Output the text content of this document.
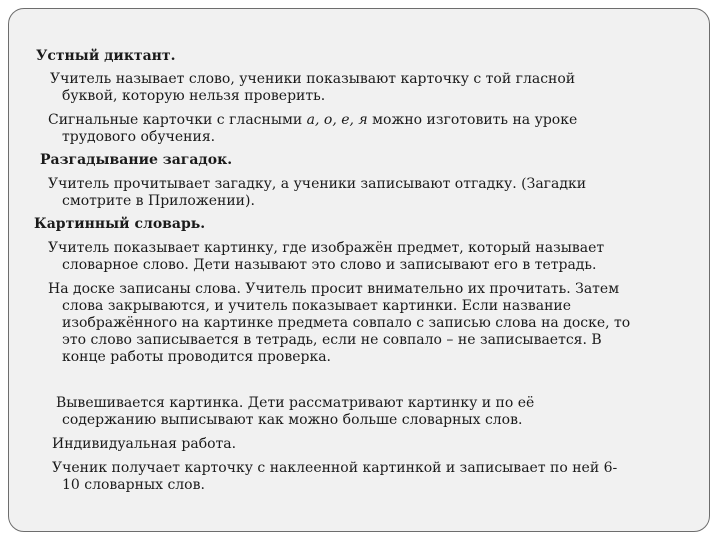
Устный диктант.
Учитель называет слово, ученики показывают карточку с той гласной
буквой, которую нельзя проверить.
Сигнальные карточки с гласными а, о, е, я можно изготовить на уроке
трудового обучения.
Разгадывание загадок.
Учитель прочитывает загадку, а ученики записывают отгадку. (Загадки
смотрите в Приложении).
Картинный словарь.
Учитель показывает картинку, где изображён предмет, который называет
словарное слово. Дети называют это слово и записывают его в тетрадь.
На доске записаны слова. Учитель просит внимательно их прочитать. Затем
слова закрываются, и учитель показывает картинки. Если название
изображённого на картинке предмета совпало с записью слова на доске, то
это слово записывается в тетрадь, если не совпало – не записывается. В
конце работы проводится проверка.
Вывешивается картинка. Дети рассматривают картинку и по её
содержанию выписывают как можно больше словарных слов.
Индивидуальная работа.
Ученик получает карточку с наклеенной картинкой и записывает по ней 6-
10 словарных слов.
